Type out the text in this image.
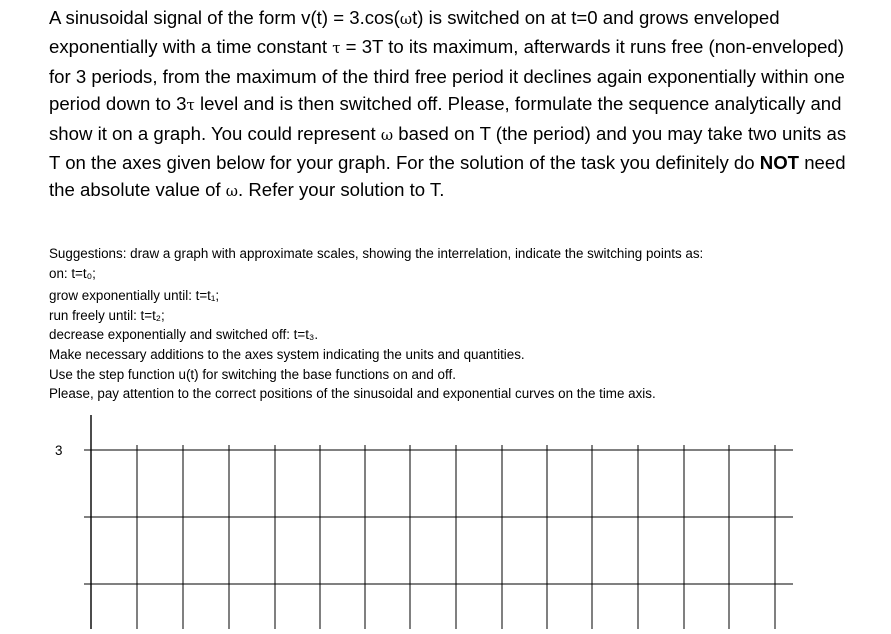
A sinusoidal signal of the form v(t) = 3.cos(ωt) is switched on at t=0 and grows enveloped exponentially with a time constant τ = 3T to its maximum, afterwards it runs free (non-enveloped) for 3 periods, from the maximum of the third free period it declines again exponentially within one period down to 3τ level and is then switched off. Please, formulate the sequence analytically and show it on a graph. You could represent ω based on T (the period) and you may take two units as T on the axes given below for your graph. For the solution of the task you definitely do NOT need the absolute value of ω. Refer your solution to T.

Suggestions: draw a graph with approximate scales, showing the interrelation, indicate the switching points as:

on: t=t₀;

grow exponentially until: t=t₁;

run freely until: t=t₂;

decrease exponentially and switched off: t=t₃.

Make necessary additions to the axes system indicating the units and quantities.

Use the step function u(t) for switching the base functions on and off.

Please, pay attention to the correct positions of the sinusoidal and exponential curves on the time axis.

3
